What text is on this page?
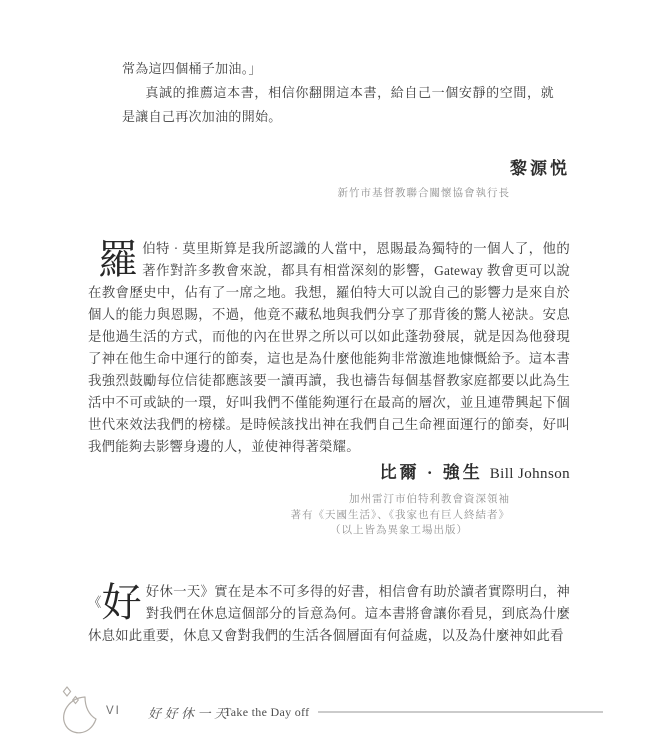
常為這四個桶子加油。」

真誠的推薦這本書，相信你翻開這本書，給自己一個安靜的空間，就是讓自己再次加油的開始。

黎源悦
新竹市基督教聯合關懷協會執行長

羅伯特 · 莫里斯算是我所認識的人當中，恩賜最為獨特的一個人了，他的著作對許多教會來說，都具有相當深刻的影響，Gateway 教會更可以說在教會歷史中，佔有了一席之地。我想，羅伯特大可以說自己的影響力是來自於個人的能力與恩賜，不過，他竟不藏私地與我們分享了那背後的驚人祕訣。安息是他過生活的方式，而他的內在世界之所以可以如此蓬勃發展，就是因為他發現了神在他生命中運行的節奏，這也是為什麼他能夠非常激進地慷慨給予。這本書我強烈鼓勵每位信徒都應該要一讀再讀，我也禱告每個基督教家庭都要以此為生活中不可或缺的一環，好叫我們不僅能夠運行在最高的層次，並且連帶興起下個世代來效法我們的榜樣。是時候該找出神在我們自己生命裡面運行的節奏，好叫我們能夠去影響身邊的人，並使神得著榮耀。

比爾 · 強生 Bill Johnson
加州雷汀市伯特利教會資深領袖
著有《天國生活》、《我家也有巨人終結者》
（以上皆為異象工場出版）

《 好 好休一天》實在是本不可多得的好書，相信會有助於讀者實際明白，神對我們在休息這個部分的旨意為何。這本書將會讓你看見，到底為什麼休息如此重要，休息又會對我們的生活各個層面有何益處，以及為什麼神如此看

VI 好好休一天
Take the Day off
